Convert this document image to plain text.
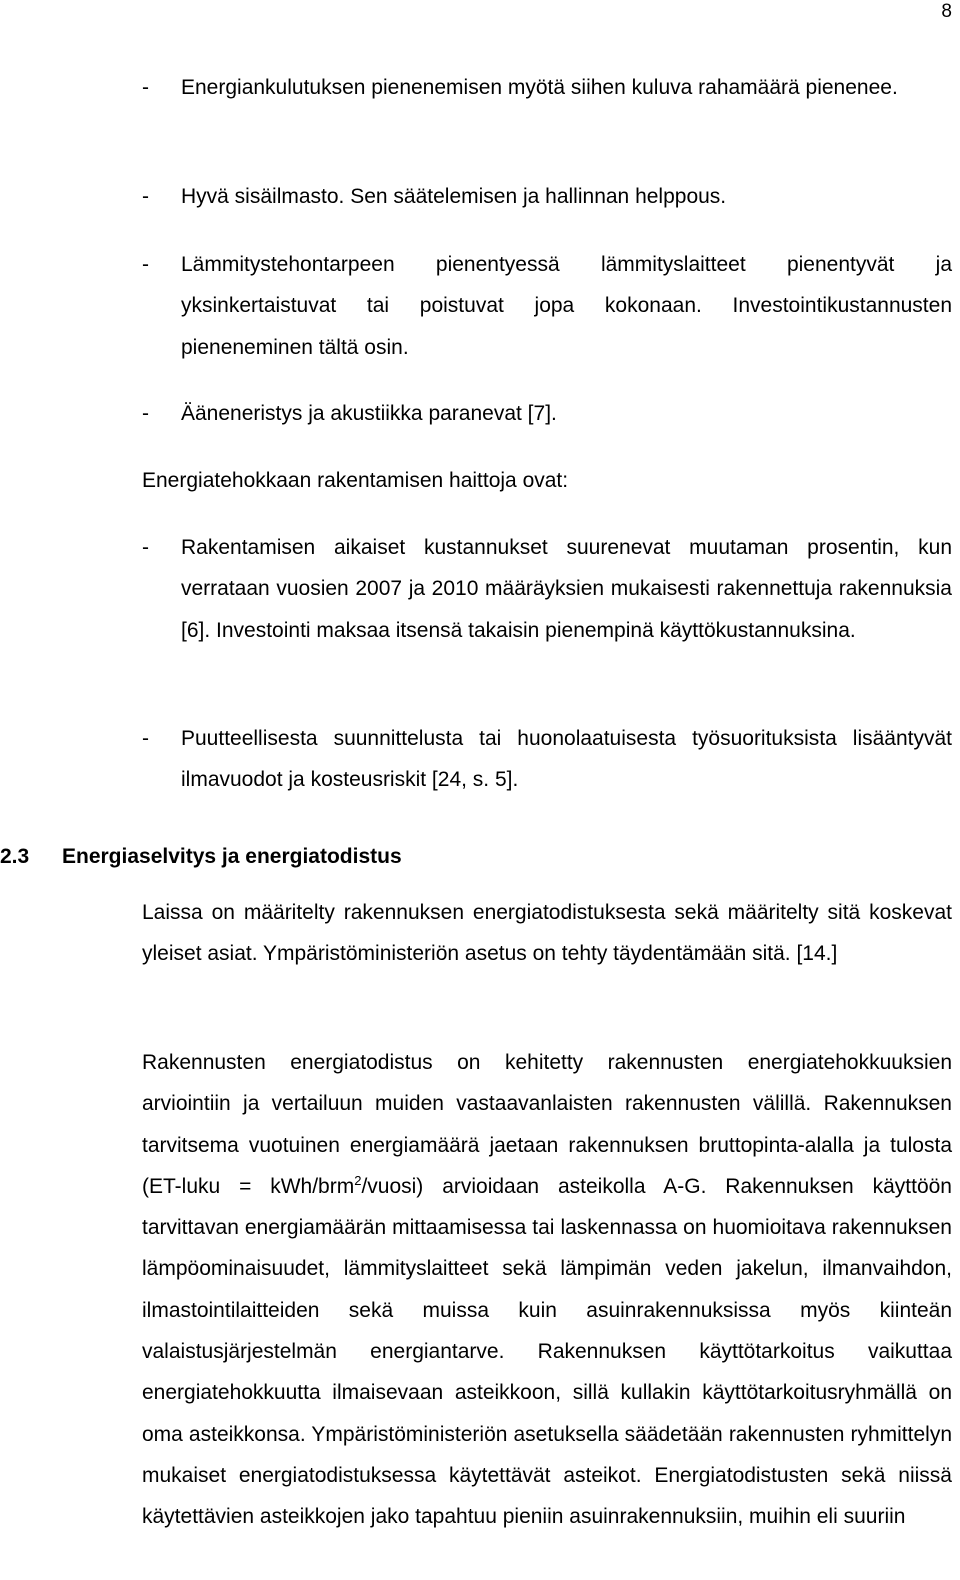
8
- Energiankulutuksen pienenemisen myötä siihen kuluva rahamäärä pienenee.
- Hyvä sisäilmasto. Sen säätelemisen ja hallinnan helppous.
- Lämmitystehontarpeen pienentyessä lämmityslaitteet pienentyvät ja yksinkertaistuvat tai poistuvat jopa kokonaan. Investointikustannusten pieneneminen tältä osin.
- Ääneneristys ja akustiikka paranevat [7].
Energiatehokkaan rakentamisen haittoja ovat:
- Rakentamisen aikaiset kustannukset suurenevat muutaman prosentin, kun verrataan vuosien 2007 ja 2010 määräyksien mukaisesti rakennettuja rakennuksia [6]. Investointi maksaa itsensä takaisin pienempinä käyttökustannuksina.
- Puutteellisesta suunnittelusta tai huonolaatuisesta työsuorituksista lisääntyvät ilmavuodot ja kosteusriskit [24, s. 5].
2.3 Energiaselvitys ja energiatodistus
Laissa on määritelty rakennuksen energiatodistuksesta sekä määritelty sitä koskevat yleiset asiat. Ympäristöministeriön asetus on tehty täydentämään sitä. [14.]
Rakennusten energiatodistus on kehitetty rakennusten energiatehokkuuksien arviointiin ja vertailuun muiden vastaavanlaisten rakennusten välillä. Rakennuksen tarvitsema vuotuinen energiamäärä jaetaan rakennuksen bruttopinta-alalla ja tulosta (ET-luku = kWh/brm$^2$/vuosi) arvioidaan asteikolla A-G. Rakennuksen käyttöön tarvittavan energiamäärän mittaamisessa tai laskennassa on huomioitava rakennuksen lämpöominaisuudet, lämmityslaitteet sekä lämpimän veden jakelun, ilmanvaihdon, ilmastointilaitteiden sekä muissa kuin asuinrakennuksissa myös kiinteän valaistusjärjestelmän energiantarve. Rakennuksen käyttötarkoitus vaikuttaa energiatehokkuutta ilmaisevaan asteikkoon, sillä kullakin käyttötarkoitusryhmällä on oma asteikkonsa. Ympäristöministeriön asetuksella säädetään rakennusten ryhmittelyn mukaiset energiatodistuksessa käytettävät asteikot. Energiatodistusten sekä niissä käytettävien asteikkojen jako tapahtuu pieniin asuinrakennuksiin, muihin eli suuriin
